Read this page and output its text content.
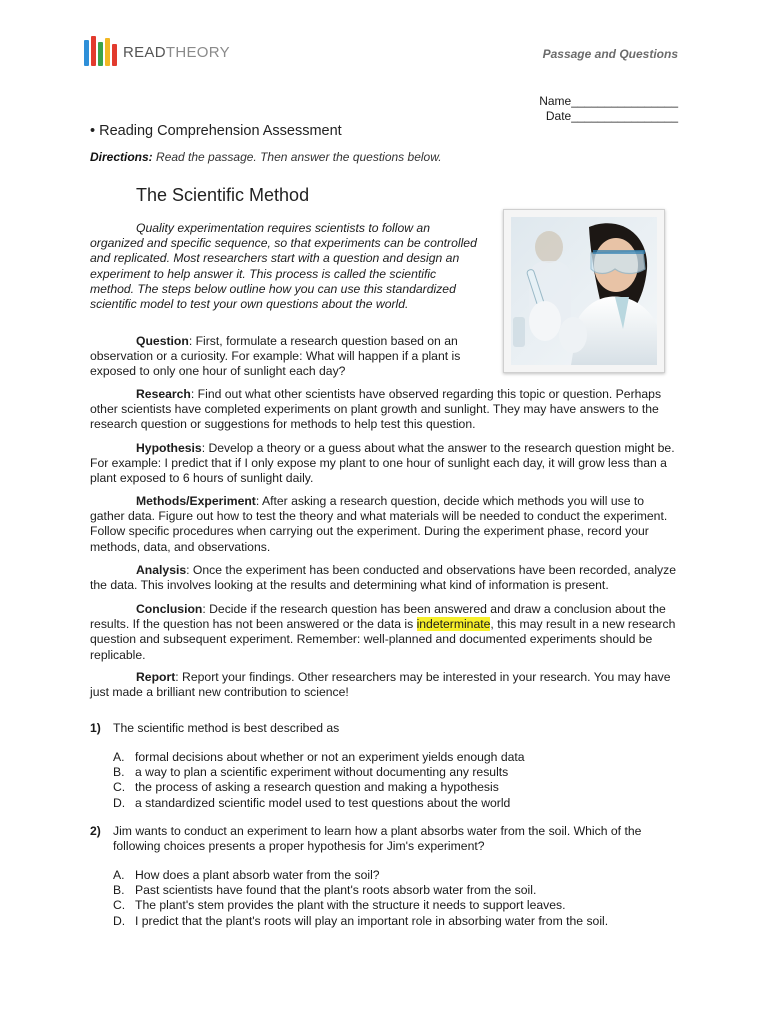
READTHEORY	Passage and Questions
Name________________
Date________________
• Reading Comprehension Assessment
Directions: Read the passage. Then answer the questions below.
The Scientific Method

Quality experimentation requires scientists to follow an organized and specific sequence, so that experiments can be controlled and replicated. Most researchers start with a question and design an experiment to help answer it. This process is called the scientific method. The steps below outline how you can use this standardized scientific model to test your own questions about the world.

Question: First, formulate a research question based on an observation or a curiosity. For example: What will happen if a plant is exposed to only one hour of sunlight each day?

Research: Find out what other scientists have observed regarding this topic or question. Perhaps other scientists have completed experiments on plant growth and sunlight. They may have answers to the research question or suggestions for methods to help test this question.

Hypothesis: Develop a theory or a guess about what the answer to the research question might be. For example: I predict that if I only expose my plant to one hour of sunlight each day, it will grow less than a plant exposed to 6 hours of sunlight daily.

Methods/Experiment: After asking a research question, decide which methods you will use to gather data. Figure out how to test the theory and what materials will be needed to conduct the experiment. Follow specific procedures when carrying out the experiment. During the experiment phase, record your methods, data, and observations.

Analysis: Once the experiment has been conducted and observations have been recorded, analyze the data. This involves looking at the results and determining what kind of information is present.

Conclusion: Decide if the research question has been answered and draw a conclusion about the results. If the question has not been answered or the data is indeterminate, this may result in a new research question and subsequent experiment. Remember: well-planned and documented experiments should be replicable.

Report: Report your findings. Other researchers may be interested in your research. You may have just made a brilliant new contribution to science!

1) The scientific method is best described as
A. formal decisions about whether or not an experiment yields enough data
B. a way to plan a scientific experiment without documenting any results
C. the process of asking a research question and making a hypothesis
D. a standardized scientific model used to test questions about the world
2) Jim wants to conduct an experiment to learn how a plant absorbs water from the soil. Which of the following choices presents a proper hypothesis for Jim's experiment?
A. How does a plant absorb water from the soil?
B. Past scientists have found that the plant's roots absorb water from the soil.
C. The plant's stem provides the plant with the structure it needs to support leaves.
D. I predict that the plant's roots will play an important role in absorbing water from the soil.
